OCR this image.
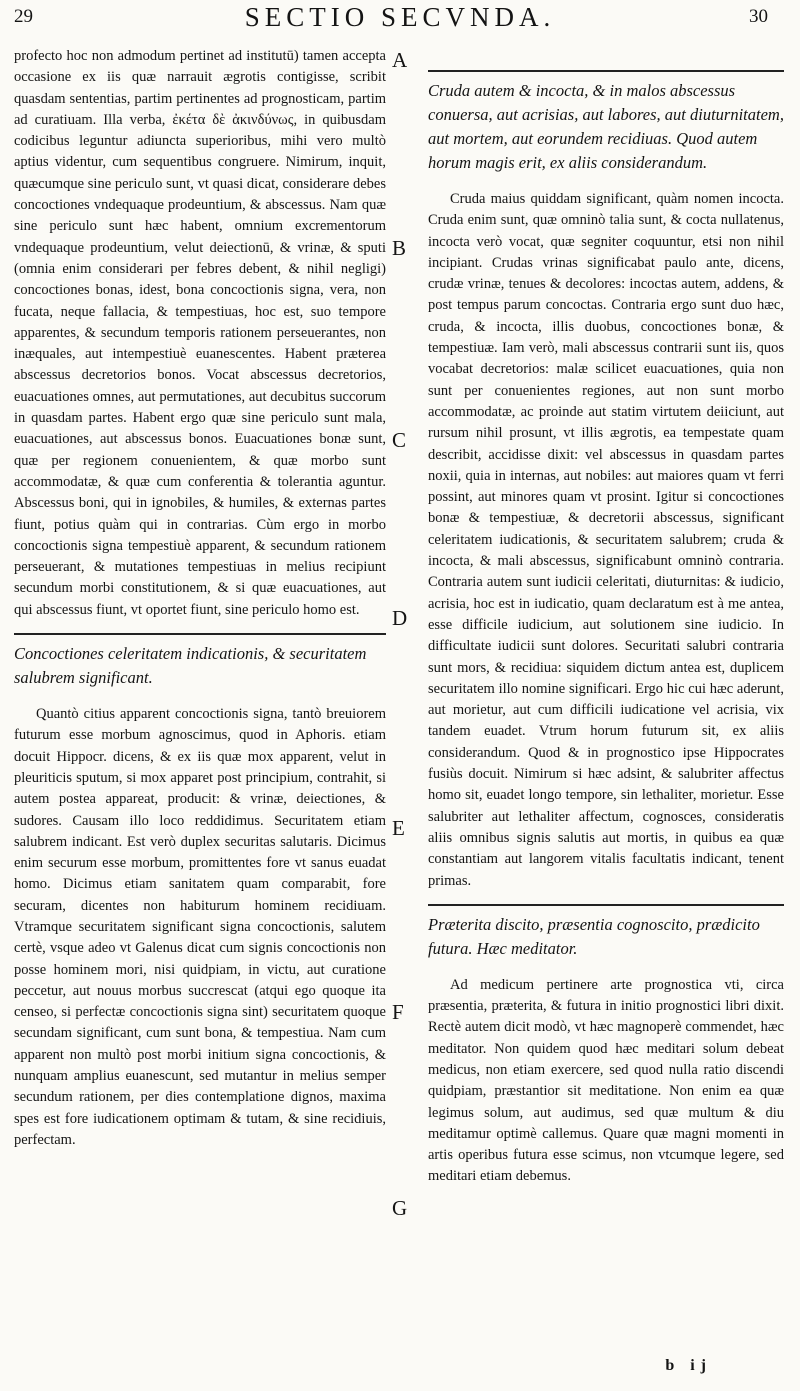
29	SECTIO SECVNDA.	30

profecto hoc non admodum pertinet ad institutū) tamen accepta occasione ex iis quæ narrauit ægrotis contigisse, scribit quasdam sententias, partim pertinentes ad prognosticam, partim ad curatiuam. Illa verba, ἐκέτα δὲ ἀκινδύνως, in quibusdam codicibus leguntur adiuncta superioribus, mihi vero multò aptius videntur, cum sequentibus congruere. Nimirum, inquit, quæcumque sine periculo sunt, vt quasi dicat, considerare debes concoctiones vndequaque prodeuntium, & abscessus. Nam quæ sine periculo sunt hæc habent, omnium excrementorum vndequaque prodeuntium, velut deiectionū, & vrinæ, & sputi (omnia enim considerari per febres debent, & nihil negligi) concoctiones bonas, idest, bona concoctionis signa, vera, non fucata, neque fallacia, & tempestiuas, hoc est, suo tempore apparentes, & secundum temporis rationem perseuerantes, non inæquales, aut intempestiuè euanescentes. Habent præterea abscessus decretorios bonos. Vocat abscessus decretorios, euacuationes omnes, aut permutationes, aut decubitus succorum in quasdam partes. Habent ergo quæ sine periculo sunt mala, euacuationes, aut abscessus bonos. Euacuationes bonæ sunt, quæ per regionem conuenientem, & quæ morbo sunt accommodatæ, & quæ cum conferentia & tolerantia aguntur. Abscessus boni, qui in ignobiles, & humiles, & externas partes fiunt, potius quàm qui in contrarias. Cùm ergo in morbo concoctionis signa tempestiuè apparent, & secundum rationem perseuerant, & mutationes tempestiuas in melius recipiunt secundum morbi constitutionem, & si quæ euacuationes, aut qui abscessus fiunt, vt oportet fiunt, sine periculo homo est.

Concoctiones celeritatem indicationis, & securitatem salubrem significant.

Quantò citius apparent concoctionis signa, tantò breuiorem futurum esse morbum agnoscimus, quod in Aphoris. etiam docuit Hippocr. dicens, & ex iis quæ mox apparent, velut in pleuriticis sputum, si mox apparet post principium, contrahit, si autem postea appareat, producit: & vrinæ, deiectiones, & sudores. Causam illo loco reddidimus. Securitatem etiam salubrem indicant. Est verò duplex securitas salutaris. Dicimus enim securum esse morbum, promittentes fore vt sanus euadat homo. Dicimus etiam sanitatem quam comparabit, fore securam, dicentes non habiturum hominem recidiuam. Vtramque securitatem significant signa concoctionis, salutem certè, vsque adeo vt Galenus dicat cum signis concoctionis non posse hominem mori, nisi quidpiam, in victu, aut curatione peccetur, aut nouus morbus succrescat (atqui ego quoque ita censeo, si perfectæ concoctionis signa sint) securitatem quoque secundam significant, cum sunt bona, & tempestiua. Nam cum apparent non multò post morbi initium signa concoctionis, & nunquam amplius euanescunt, sed mutantur in melius semper secundum rationem, per dies contemplatione dignos, maxima spes est fore iudicationem optimam & tutam, & sine recidiuis, perfectam.

Cruda autem & incocta, & in malos abscessus conuersa, aut acrisias, aut labores, aut diuturnitatem, aut mortem, aut eorundem recidiuas. Quod autem horum magis erit, ex aliis considerandum.

Cruda maius quiddam significant, quàm nomen incocta. Cruda enim sunt, quæ omninò talia sunt, & cocta nullatenus, incocta verò vocat, quæ segniter coquuntur, etsi non nihil incipiant. Crudas vrinas significabat paulo ante, dicens, crudæ vrinæ, tenues & decolores: incoctas autem, addens, & post tempus parum concoctas. Contraria ergo sunt duo hæc, cruda, & incocta, illis duobus, concoctiones bonæ, & tempestiuæ. Iam verò, mali abscessus contrarii sunt iis, quos vocabat decretorios: malæ scilicet euacuationes, quia non sunt per conuenientes regiones, aut non sunt morbo accommodatæ, ac proinde aut statim virtutem deiiciunt, aut rursum nihil prosunt, vt illis ægrotis, ea tempestate quam describit, accidisse dixit: vel abscessus in quasdam partes noxii, quia in internas, aut nobiles: aut maiores quam vt ferri possint, aut minores quam vt prosint. Igitur si concoctiones bonæ & tempestiuæ, & decretorii abscessus, significant celeritatem iudicationis, & securitatem salubrem; cruda & incocta, & mali abscessus, significabunt omninò contraria. Contraria autem sunt iudicii celeritati, diuturnitas: & iudicio, acrisia, hoc est in iudicatio, quam declaratum est à me antea, esse difficile iudicium, aut solutionem sine iudicio. In difficultate iudicii sunt dolores. Securitati salubri contraria sunt mors, & recidiua: siquidem dictum antea est, duplicem securitatem illo nomine significari. Ergo hic cui hæc aderunt, aut morietur, aut cum difficili iudicatione vel acrisia, vix tandem euadet. Vtrum horum futurum sit, ex aliis considerandum. Quod & in prognostico ipse Hippocrates fusiùs docuit. Nimirum si hæc adsint, & salubriter affectus homo sit, euadet longo tempore, sin lethaliter, morietur. Esse salubriter aut lethaliter affectum, cognosces, consideratis aliis omnibus signis salutis aut mortis, in quibus ea quæ constantiam aut langorem vitalis facultatis indicant, tenent primas.

Præterita discito, præsentia cognoscito, prædicito futura. Hæc meditator.

Ad medicum pertinere arte prognostica vti, circa præsentia, præterita, & futura in initio prognostici libri dixit. Rectè autem dicit modò, vt hæc magnoperè commendet, hæc meditator. Non quidem quod hæc meditari solum debeat medicus, non etiam exercere, sed quod nulla ratio discendi quidpiam, præstantior sit meditatione. Non enim ea quæ legimus solum, aut audimus, sed quæ multum & diu meditamur optimè callemus. Quare quæ magni momenti in artis operibus futura esse scimus, non vtcumque legere, sed meditari etiam debemus.

A
B
C
D
E
F
G
b ij
